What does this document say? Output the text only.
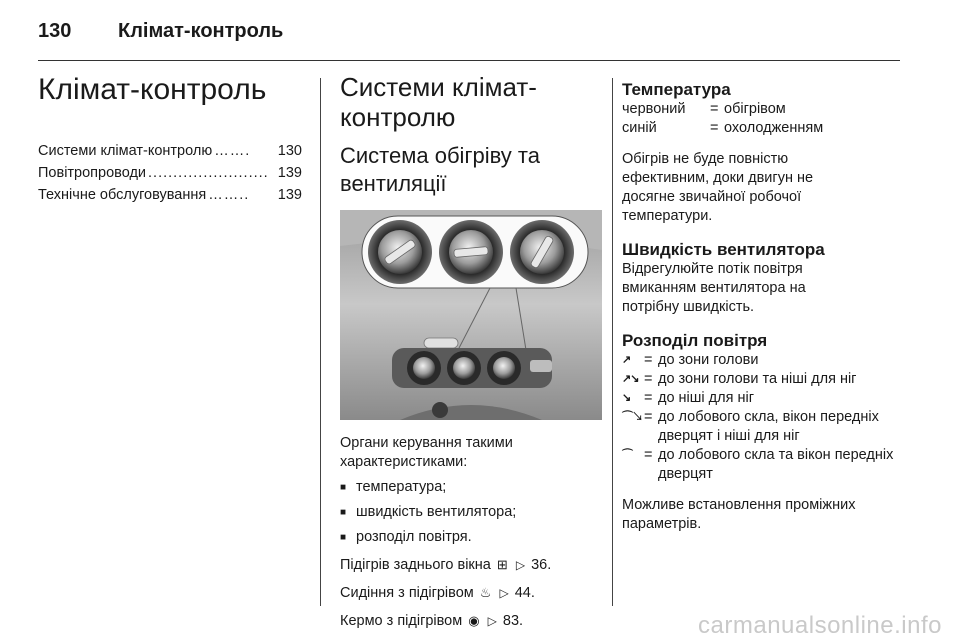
130 Клімат-контроль
Клімат-контроль
Системи клімат-контролю …….	130
Повітропроводи ........................ 139
Технічне обслуговування ……..	139
Системи клімат-контролю
Система обігріву та вентиляції

Органи керування такими характеристиками:

■ температура;
■ швидкість вентилятора;
■ розподіл повітря.
Підігрів заднього вікна ⊞ ▷ 36.
Сидіння з підігрівом ♨ ▷ 44.
Кермо з підігрівом ◉ ▷ 83.
Температура
червоний	= обігрівом
синій	= охолодженням

Обігрів не буде повністю ефективним, доки двигун не досягне звичайної робочої температури.

Швидкість вентилятора

Відрегулюйте потік повітря вмиканням вентилятора на потрібну швидкість.

Розподіл повітря
↗ = до зони голови
↗↘ = до зони голови та ніші для ніг
↘ = до ніші для ніг
⌒↘ = до лобового скла, вікон передніх дверцят і ніші для ніг
⌒ = до лобового скла та вікон передніх дверцят

Можливе встановлення проміжних параметрів.

carmanualsonline.info
